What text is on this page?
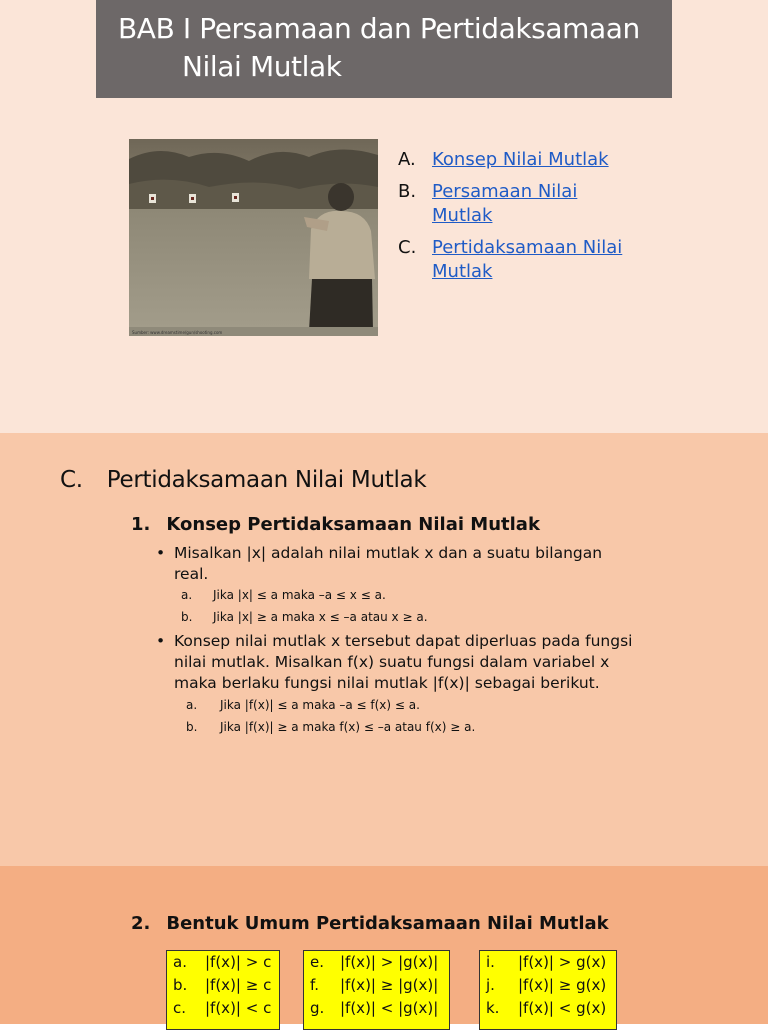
BAB I Persamaan dan Pertidaksamaan
Nilai Mutlak
Sumber: www.dreamstime/gun/shooting.com
A. Konsep Nilai Mutlak
B. Persamaan Nilai Mutlak
C. Pertidaksamaan Nilai Mutlak
C. Pertidaksamaan Nilai Mutlak
1. Konsep Pertidaksamaan Nilai Mutlak
• Misalkan |x| adalah nilai mutlak x dan a suatu bilangan real.
a. Jika |x| ≤ a maka –a ≤ x ≤ a.
b. Jika |x| ≥ a maka x ≤ –a atau x ≥ a.
• Konsep nilai mutlak x tersebut dapat diperluas pada fungsi nilai mutlak. Misalkan f(x) suatu fungsi dalam variabel x maka berlaku fungsi nilai mutlak |f(x)| sebagai berikut.
a. Jika |f(x)| ≤ a maka –a ≤ f(x) ≤ a.
b. Jika |f(x)| ≥ a maka f(x) ≤ –a atau f(x) ≥ a.
2. Bentuk Umum Pertidaksamaan Nilai Mutlak
a. |f(x)| > c
b. |f(x)| ≥ c
c. |f(x)| < c
e. |f(x)| > |g(x)|
f. |f(x)| ≥ |g(x)|
g. |f(x)| < |g(x)|
i. |f(x)| > g(x)
j. |f(x)| ≥ g(x)
k. |f(x)| < g(x)
